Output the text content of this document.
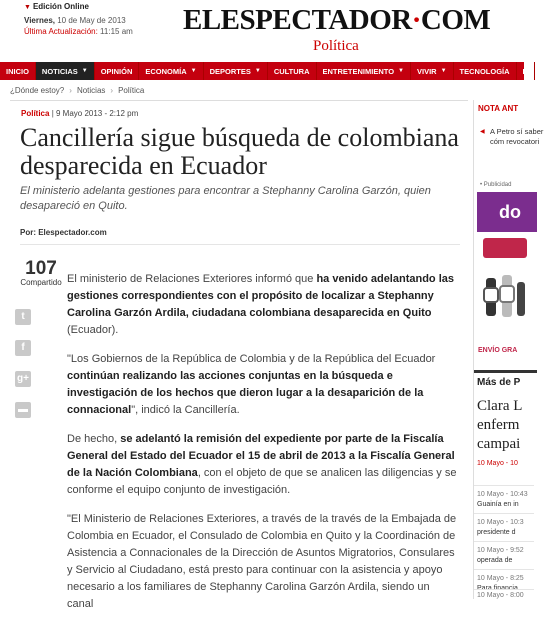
▼ Edición Online
Viernes, 10 de May de 2013
Última Actualización: 11:15 am ELESPECTADOR·COM
Política
INICIO NOTICIAS ▼ OPINIÓN ECONOMÍA ▼ DEPORTES ▼ CULTURA ENTRETENIMIENTO ▼ VIVIR ▼ TECNOLOGÍA B
¿Dónde estoy? › Noticias › Política
Política | 9 Mayo 2013 - 2:12 pm
Cancillería sigue búsqueda de colombiana desparecida en Ecuador
El ministerio adelanta gestiones para encontrar a Stephanny Carolina Garzón, quien desapareció en Quito.
Por: Elespectador.com
107
Compartido
t
f
g+
▬

El ministerio de Relaciones Exteriores informó que ha venido adelantando las gestiones correspondientes con el propósito de localizar a Stephanny Carolina Garzón Ardila, ciudadana colombiana desaparecida en Quito (Ecuador).

"Los Gobiernos de la República de Colombia y de la República del Ecuador continúan realizando las acciones conjuntas en la búsqueda e investigación de los hechos que dieron lugar a la desaparición de la connacional", indicó la Cancillería.

De hecho, se adelantó la remisión del expediente por parte de la Fiscalía General del Estado del Ecuador el 15 de abril de 2013 a la Fiscalía General de la Nación Colombiana, con el objeto de que se analicen las diligencias y se conforme el equipo conjunto de investigación.

"El Ministerio de Relaciones Exteriores, a través de la través de la Embajada de Colombia en Ecuador, el Consulado de Colombia en Quito y la Coordinación de Asistencia a Connacionales de la Dirección de Asuntos Migratorios, Consulares y Servicio al Ciudadano, está presto para continuar con la asistencia y apoyo necesario a los familiares de Stephanny Carolina Garzón Ardila, siendo un canal

NOTA ANT
◀ A Petro sí saber cóm revocatori
• Publicidad
do
ENVÍO GRA
Más de P
Clara L enferm campai
10 Mayo - 10
10 Mayo - 10:43
Guainía en in
10 Mayo - 10:3
presidente d
10 Mayo - 9:52
operada de
10 Mayo - 8:25

10 Mayo - 8:00
